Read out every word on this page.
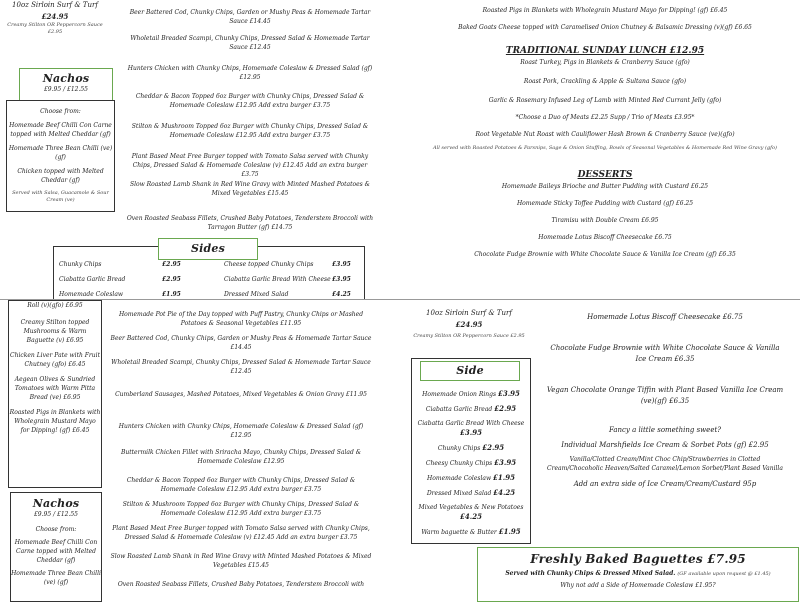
10oz Sirloin Surf & Turf
£24.95
Creamy Stilton OR Peppercorn Sauce £2.95
Nachos
£9.95 / £12.55
Choose from:
Homemade Beef Chilli Con Carne topped with Melted Cheddar (gf)
Homemade Three Bean Chilli (ve) (gf)
Chicken topped with Melted Cheddar (gf)
Served with Salsa, Guacamole & Sour Cream (ve)
Beer Battered Cod, Chunky Chips, Garden or Mushy Peas & Homemade Tartar Sauce £14.45
Wholetail Breaded Scampi, Chunky Chips, Dressed Salad & Homemade Tartar Sauce £12.45
Hunters Chicken with Chunky Chips, Homemade Coleslaw & Dressed Salad (gf) £12.95
Cheddar & Bacon Topped 6oz Burger with Chunky Chips, Dressed Salad & Homemade Coleslaw £12.95 Add extra burger £3.75
Stilton & Mushroom Topped 6oz Burger with Chunky Chips, Dressed Salad & Homemade Coleslaw £12.95 Add extra burger £3.75
Plant Based Meat Free Burger topped with Tomato Salsa served with Chunky Chips, Dressed Salad & Homemade Coleslaw (v) £12.45 Add an extra burger £3.75
Slow Roasted Lamb Shank in Red Wine Gravy with Minted Mashed Potatoes & Mixed Vegetables £15.45
Oven Roasted Seabass Fillets, Crushed Baby Potatoes, Tenderstem Broccoli with Tarragon Butter (gf) £14.75
Chunky Chips	£2.95
Ciabatta Garlic Bread	£2.95
Homemade Coleslaw	£1.95
Cheese topped Chunky Chips	£3.95
Ciabatta Garlic Bread With Cheese £3.95
Dressed Mixed Salad	£4.25
Sides
Roasted Pigs in Blankets with Wholegrain Mustard Mayo for Dipping! (gf) £6.45
Baked Goats Cheese topped with Caramelised Onion Chutney & Balsamic Dressing (v)(gf) £6.65
TRADITIONAL SUNDAY LUNCH £12.95
Roast Turkey, Pigs in Blankets & Cranberry Sauce (gfo)
Roast Pork, Crackling & Apple & Sultana Sauce (gfo)
Garlic & Rosemary Infused Leg of Lamb with Minted Red Currant Jelly (gfo)
*Choose a Duo of Meats £2.25 Supp / Trio of Meats £3.95*
Root Vegetable Nut Roast with Cauliflower Hash Brown & Cranberry Sauce (ve)(gfo)
All served with Roasted Potatoes & Parsnips, Sage & Onion Stuffing, Bowls of Seasonal Vegetables & Homemade Red Wine Gravy (gfo)
DESSERTS
Homemade Baileys Brioche and Butter Pudding with Custard £6.25
Homemade Sticky Toffee Pudding with Custard (gf) £6.25
Tiramisu with Double Cream £6.95
Homemade Lotus Biscoff Cheesecake £6.75
Chocolate Fudge Brownie with White Chocolate Sauce & Vanilla Ice Cream (gf) £6.35
Roll (v)(gfo) £6.95
Creamy Stilton topped Mushrooms & Warm Baguette (v) £6.95
Chicken Liver Pate with Fruit Chutney (gfo) £6.45
Aegean Olives & Sundried Tomatoes with Warm Pitta Bread (ve) £6.95
Roasted Pigs in Blankets with Wholegrain Mustard Mayo for Dipping! (gf) £6.45
Nachos
£9.95 / £12.55
Choose from:
Homemade Beef Chilli Con Carne topped with Melted Cheddar (gf)
Homemade Three Bean Chilli (ve) (gf)
Homemade Pot Pie of the Day topped with Puff Pastry, Chunky Chips or Mashed Potatoes & Seasonal Vegetables £11.95
Beer Battered Cod, Chunky Chips, Garden or Mushy Peas & Homemade Tartar Sauce £14.45
Wholetail Breaded Scampi, Chunky Chips, Dressed Salad & Homemade Tartar Sauce £12.45
Cumberland Sausages, Mashed Potatoes, Mixed Vegetables & Onion Gravy £11.95
Hunters Chicken with Chunky Chips, Homemade Coleslaw & Dressed Salad (gf) £12.95
Buttermilk Chicken Fillet with Sriracha Mayo, Chunky Chips, Dressed Salad & Homemade Coleslaw £12.95
Cheddar & Bacon Topped 6oz Burger with Chunky Chips, Dressed Salad & Homemade Coleslaw £12.95 Add extra burger £3.75
Stilton & Mushroom Topped 6oz Burger with Chunky Chips, Dressed Salad & Homemade Coleslaw £12.95 Add extra burger £3.75
Plant Based Meat Free Burger topped with Tomato Salsa served with Chunky Chips, Dressed Salad & Homemade Coleslaw (v) £12.45 Add an extra burger £3.75
Slow Roasted Lamb Shank in Red Wine Gravy with Minted Mashed Potatoes & Mixed Vegetables £15.45
Oven Roasted Seabass Fillets, Crushed Baby Potatoes, Tenderstem Broccoli with
10oz Sirloin Surf & Turf
£24.95
Creamy Stilton OR Peppercorn Sauce £2.95
Side
Homemade Onion Rings £3.95
Ciabatta Garlic Bread £2.95
Ciabatta Garlic Bread With Cheese £3.95
Chunky Chips £2.95
Cheesy Chunky Chips £3.95
Homemade Coleslaw £1.95
Dressed Mixed Salad £4.25
Mixed Vegetables & New Potatoes £4.25
Warm baguette & Butter £1.95
Homemade Lotus Biscoff Cheesecake £6.75
Chocolate Fudge Brownie with White Chocolate Sauce & Vanilla Ice Cream £6.35
Vegan Chocolate Orange Tiffin with Plant Based Vanilla Ice Cream (ve)(gf) £6.35
Fancy a little something sweet?
Individual Marshfields Ice Cream & Sorbet Pots (gf) £2.95
Vanilla/Clotted Cream/Mint Choc Chip/Strawberries in Clotted Cream/Chocoholic Heaven/Salted Caramel/Lemon Sorbet/Plant Based Vanilla
Add an extra side of Ice Cream/Cream/Custard 95p
Freshly Baked Baguettes £7.95
Served with Chunky Chips & Dressed Mixed Salad. (GF available upon request @ £1.45)
Why not add a Side of Homemade Coleslaw £1.95?
